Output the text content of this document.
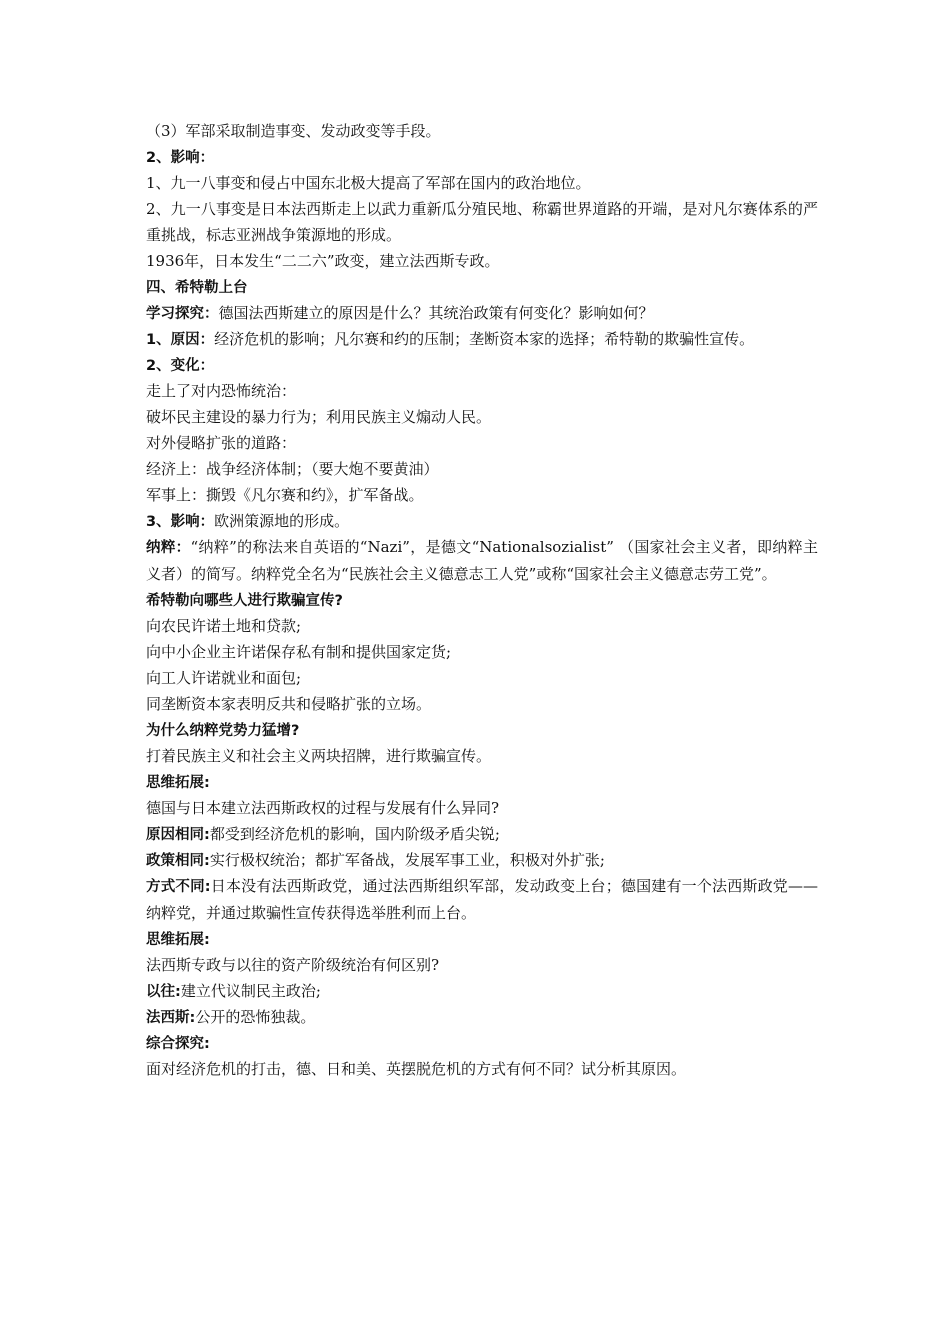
（3）军部采取制造事变、发动政变等手段。
2、影响：
1、九一八事变和侵占中国东北极大提高了军部在国内的政治地位。
2、九一八事变是日本法西斯走上以武力重新瓜分殖民地、称霸世界道路的开端，是对凡尔赛体系的严重挑战，标志亚洲战争策源地的形成。
1936年，日本发生“二二六”政变，建立法西斯专政。
四、希特勒上台
学习探究：德国法西斯建立的原因是什么？其统治政策有何变化？影响如何？
1、原因：经济危机的影响；凡尔赛和约的压制；垄断资本家的选择；希特勒的欺骗性宣传。
2、变化：
走上了对内恐怖统治：
破坏民主建设的暴力行为；利用民族主义煽动人民。
对外侵略扩张的道路：
经济上：战争经济体制；（要大炮不要黄油）
军事上：撕毁《凡尔赛和约》，扩军备战。
3、影响：欧洲策源地的形成。
纳粹：“纳粹”的称法来自英语的“Nazi”，是德文“Nationalsozialist” （国家社会主义者，即纳粹主义者）的简写。纳粹党全名为“民族社会主义德意志工人党”或称“国家社会主义德意志劳工党”。
希特勒向哪些人进行欺骗宣传?
向农民许诺土地和贷款;
向中小企业主许诺保存私有制和提供国家定货;
向工人许诺就业和面包;
同垄断资本家表明反共和侵略扩张的立场。
为什么纳粹党势力猛增?
打着民族主义和社会主义两块招牌，进行欺骗宣传。
思维拓展:
德国与日本建立法西斯政权的过程与发展有什么异同?
原因相同:都受到经济危机的影响，国内阶级矛盾尖锐;
政策相同:实行极权统治；都扩军备战，发展军事工业，积极对外扩张;
方式不同:日本没有法西斯政党，通过法西斯组织军部，发动政变上台；德国建有一个法西斯政党——纳粹党，并通过欺骗性宣传获得选举胜利而上台。
思维拓展:
法西斯专政与以往的资产阶级统治有何区别?
以往:建立代议制民主政治;
法西斯:公开的恐怖独裁。
综合探究:
面对经济危机的打击，德、日和美、英摆脱危机的方式有何不同？试分析其原因。
